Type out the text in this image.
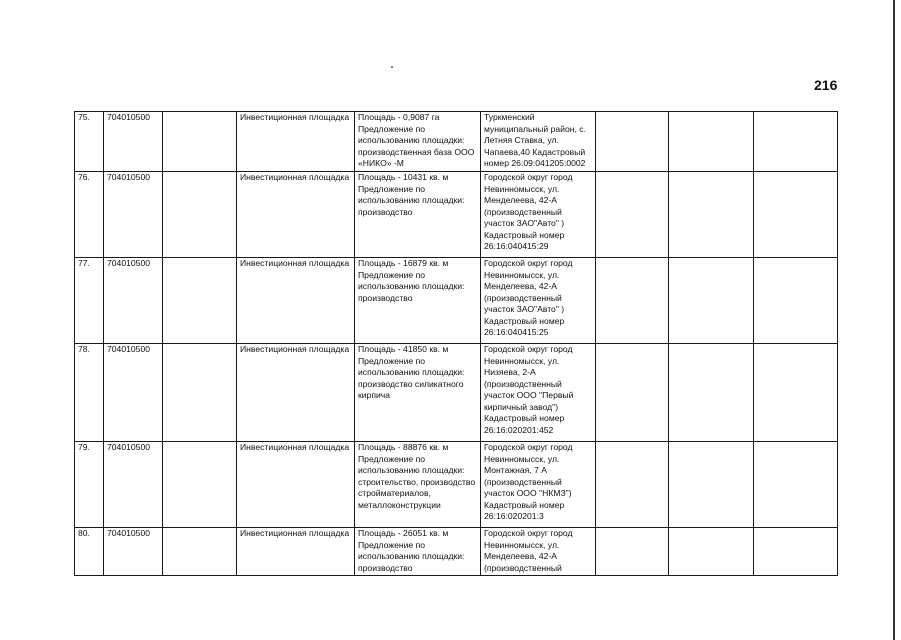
216
75.	704010500		Инвестиционная площадка	Площадь - 0,9087 га Предложение по использованию площадки: производственная база ООО «НИКО» -М	Туркменский муниципальный район, с. Летняя Ставка, ул. Чапаева,40 Кадастровый номер 26:09:041205:0002			
76.	704010500		Инвестиционная площадка	Площадь - 10431 кв. м Предложение по использованию площадки: производство	Городской округ город Невинномысск, ул. Менделеева, 42-А (производственный участок ЗАО"Авто" ) Кадастровый номер 26:16:040415:29			
77.	704010500		Инвестиционная площадка	Площадь - 16879 кв. м Предложение по использованию площадки: производство	Городской округ город Невинномысск, ул. Менделеева, 42-А (производственный участок ЗАО"Авто" ) Кадастровый номер 26:16:040415:25			
78.	704010500		Инвестиционная площадка	Площадь - 41850 кв. м Предложение по использованию площадки: производство силикатного кирпича	Городской округ город Невинномысск, ул. Низяева, 2-А (производственный участок ООО "Первый кирпичный завод") Кадастровый номер 26:16:020201:452			
79.	704010500		Инвестиционная площадка	Площадь - 88876 кв. м Предложение по использованию площадки: строительство, производство стройматериалов, металлоконструкции	Городской округ город Невинномысск, ул. Монтажная, 7 А (производственный участок ООО "НКМЗ") Кадастровый номер 26:16:020201:3			
80.	704010500		Инвестиционная площадка	Площадь - 26051 кв. м Предложение по использованию площадки: производство	Городской округ город Невинномысск, ул. Менделеева, 42-А (производственный			
